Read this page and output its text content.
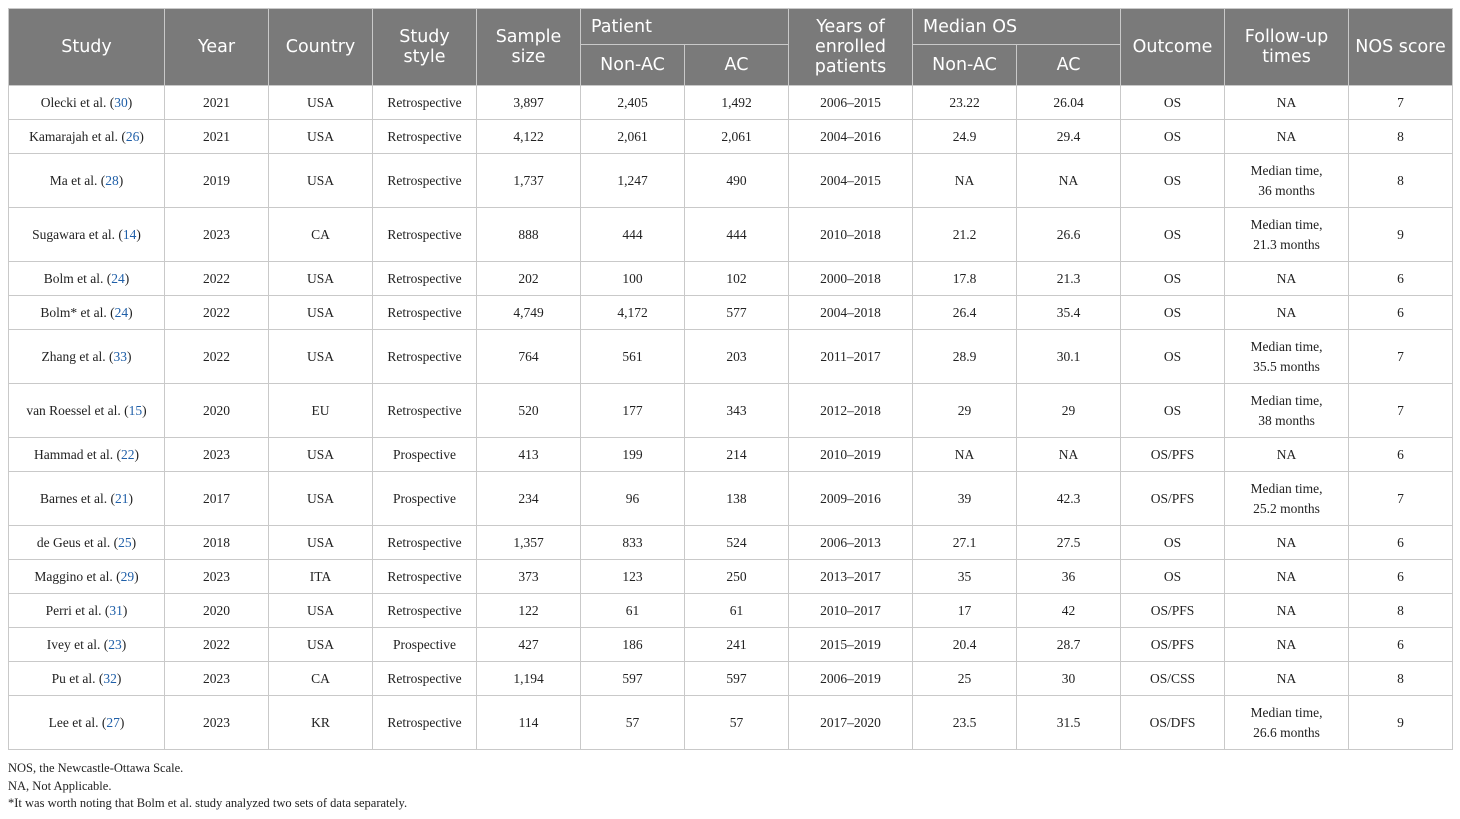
Study	Year	Country	Study style	Sample size	Patient		Years of enrolled patients	Median OS		Outcome	Follow-up times	NOS score
					Non-AC	AC		Non-AC	AC			
Olecki et al. (30)	2021	USA	Retrospective	3,897	2,405	1,492	2006–2015	23.22	26.04	OS	NA	7
Kamarajah et al. (26)	2021	USA	Retrospective	4,122	2,061	2,061	2004–2016	24.9	29.4	OS	NA	8
Ma et al. (28)	2019	USA	Retrospective	1,737	1,247	490	2004–2015	NA	NA	OS	Median time,
36 months	8
Sugawara et al. (14)	2023	CA	Retrospective	888	444	444	2010–2018	21.2	26.6	OS	Median time,
21.3 months	9
Bolm et al. (24)	2022	USA	Retrospective	202	100	102	2000–2018	17.8	21.3	OS	NA	6
Bolm* et al. (24)	2022	USA	Retrospective	4,749	4,172	577	2004–2018	26.4	35.4	OS	NA	6
Zhang et al. (33)	2022	USA	Retrospective	764	561	203	2011–2017	28.9	30.1	OS	Median time,
35.5 months	7
van Roessel et al. (15)	2020	EU	Retrospective	520	177	343	2012–2018	29	29	OS	Median time,
38 months	7
Hammad et al. (22)	2023	USA	Prospective	413	199	214	2010–2019	NA	NA	OS/PFS	NA	6
Barnes et al. (21)	2017	USA	Prospective	234	96	138	2009–2016	39	42.3	OS/PFS	Median time,
25.2 months	7
de Geus et al. (25)	2018	USA	Retrospective	1,357	833	524	2006–2013	27.1	27.5	OS	NA	6
Maggino et al. (29)	2023	ITA	Retrospective	373	123	250	2013–2017	35	36	OS	NA	6
Perri et al. (31)	2020	USA	Retrospective	122	61	61	2010–2017	17	42	OS/PFS	NA	8
Ivey et al. (23)	2022	USA	Prospective	427	186	241	2015–2019	20.4	28.7	OS/PFS	NA	6
Pu et al. (32)	2023	CA	Retrospective	1,194	597	597	2006–2019	25	30	OS/CSS	NA	8
Lee et al. (27)	2023	KR	Retrospective	114	57	57	2017–2020	23.5	31.5	OS/DFS	Median time,
26.6 months	9
NOS, the Newcastle-Ottawa Scale.
NA, Not Applicable.
*It was worth noting that Bolm et al. study analyzed two sets of data separately.
